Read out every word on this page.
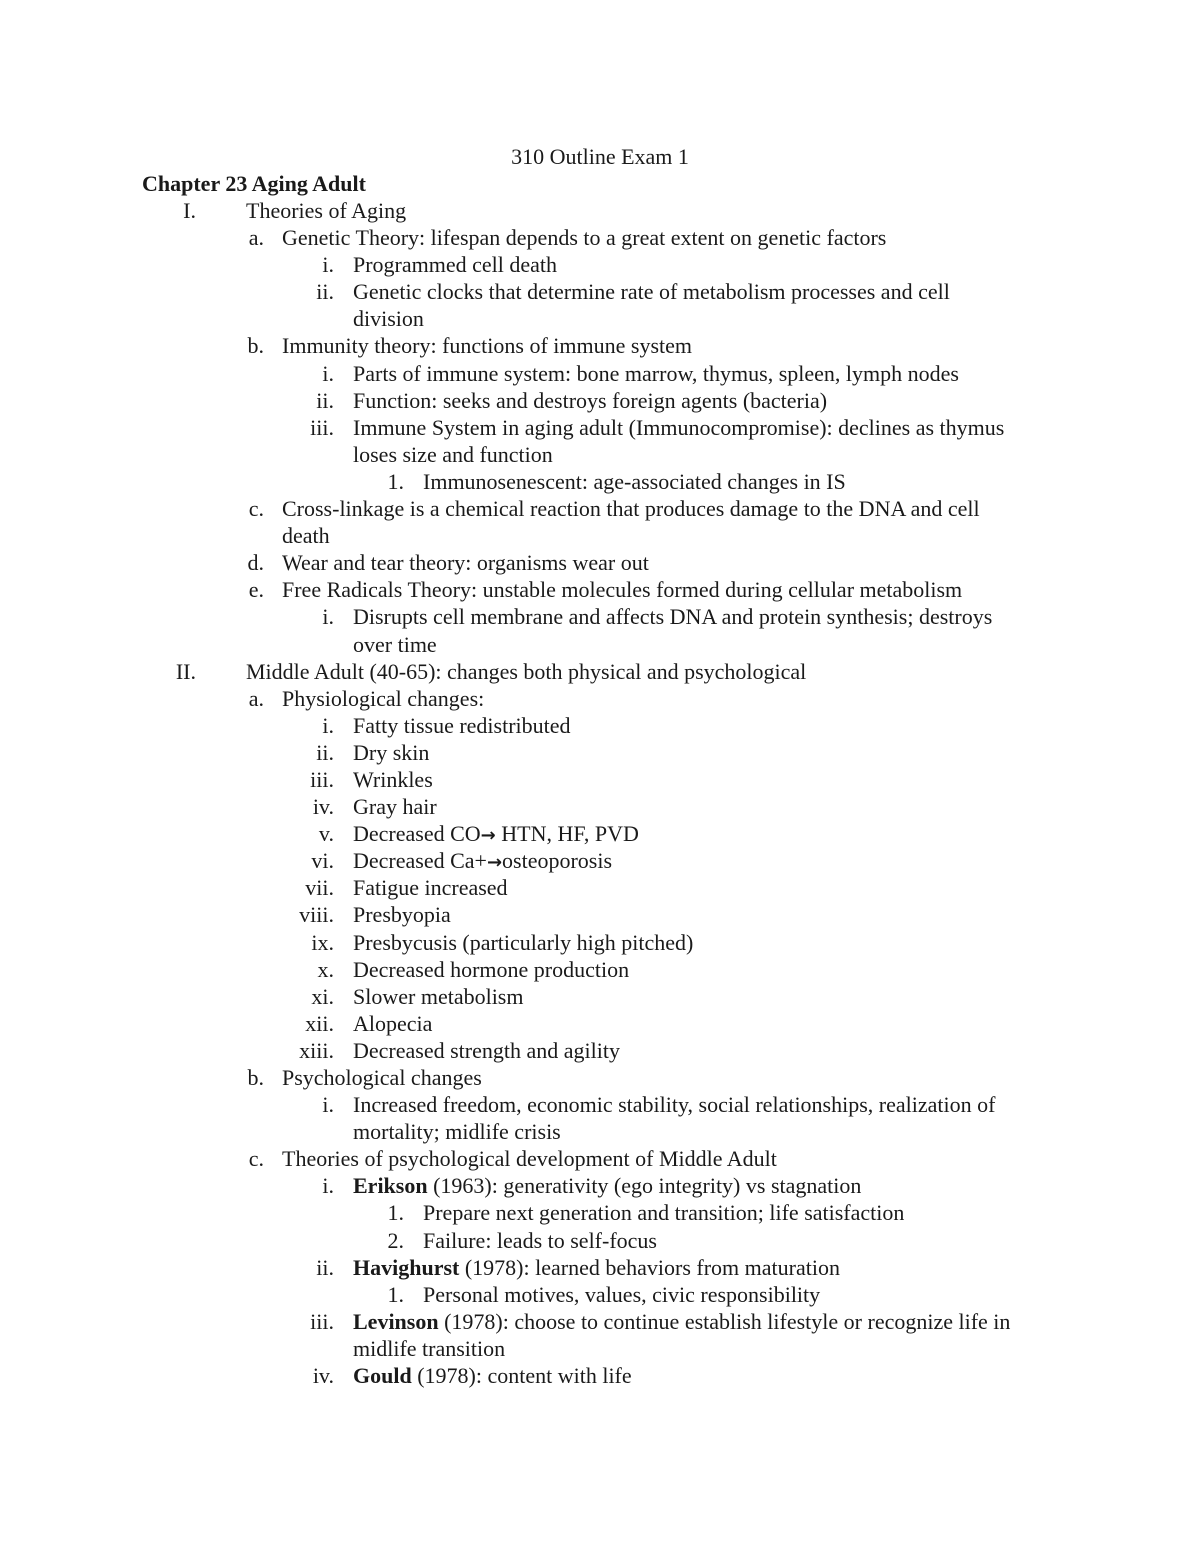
310 Outline Exam 1
Chapter 23 Aging Adult
I. Theories of Aging
a. Genetic Theory: lifespan depends to a great extent on genetic factors
i. Programmed cell death
ii. Genetic clocks that determine rate of metabolism processes and cell
division
b. Immunity theory: functions of immune system
i. Parts of immune system: bone marrow, thymus, spleen, lymph nodes
ii. Function: seeks and destroys foreign agents (bacteria)
iii. Immune System in aging adult (Immunocompromise): declines as thymus
loses size and function
1. Immunosenescent: age-associated changes in IS
c. Cross-linkage is a chemical reaction that produces damage to the DNA and cell
death
d. Wear and tear theory: organisms wear out
e. Free Radicals Theory: unstable molecules formed during cellular metabolism
i. Disrupts cell membrane and affects DNA and protein synthesis; destroys
over time
II. Middle Adult (40-65): changes both physical and psychological
a. Physiological changes:
i. Fatty tissue redistributed
ii. Dry skin
iii. Wrinkles
iv. Gray hair
v. Decreased CO→ HTN, HF, PVD
vi. Decreased Ca+→osteoporosis
vii. Fatigue increased
viii. Presbyopia
ix. Presbycusis (particularly high pitched)
x. Decreased hormone production
xi. Slower metabolism
xii. Alopecia
xiii. Decreased strength and agility
b. Psychological changes
i. Increased freedom, economic stability, social relationships, realization of
mortality; midlife crisis
c. Theories of psychological development of Middle Adult
i. Erikson (1963): generativity (ego integrity) vs stagnation
1. Prepare next generation and transition; life satisfaction
2. Failure: leads to self-focus
ii. Havighurst (1978): learned behaviors from maturation
1. Personal motives, values, civic responsibility
iii. Levinson (1978): choose to continue establish lifestyle or recognize life in
midlife transition
iv. Gould (1978): content with life
